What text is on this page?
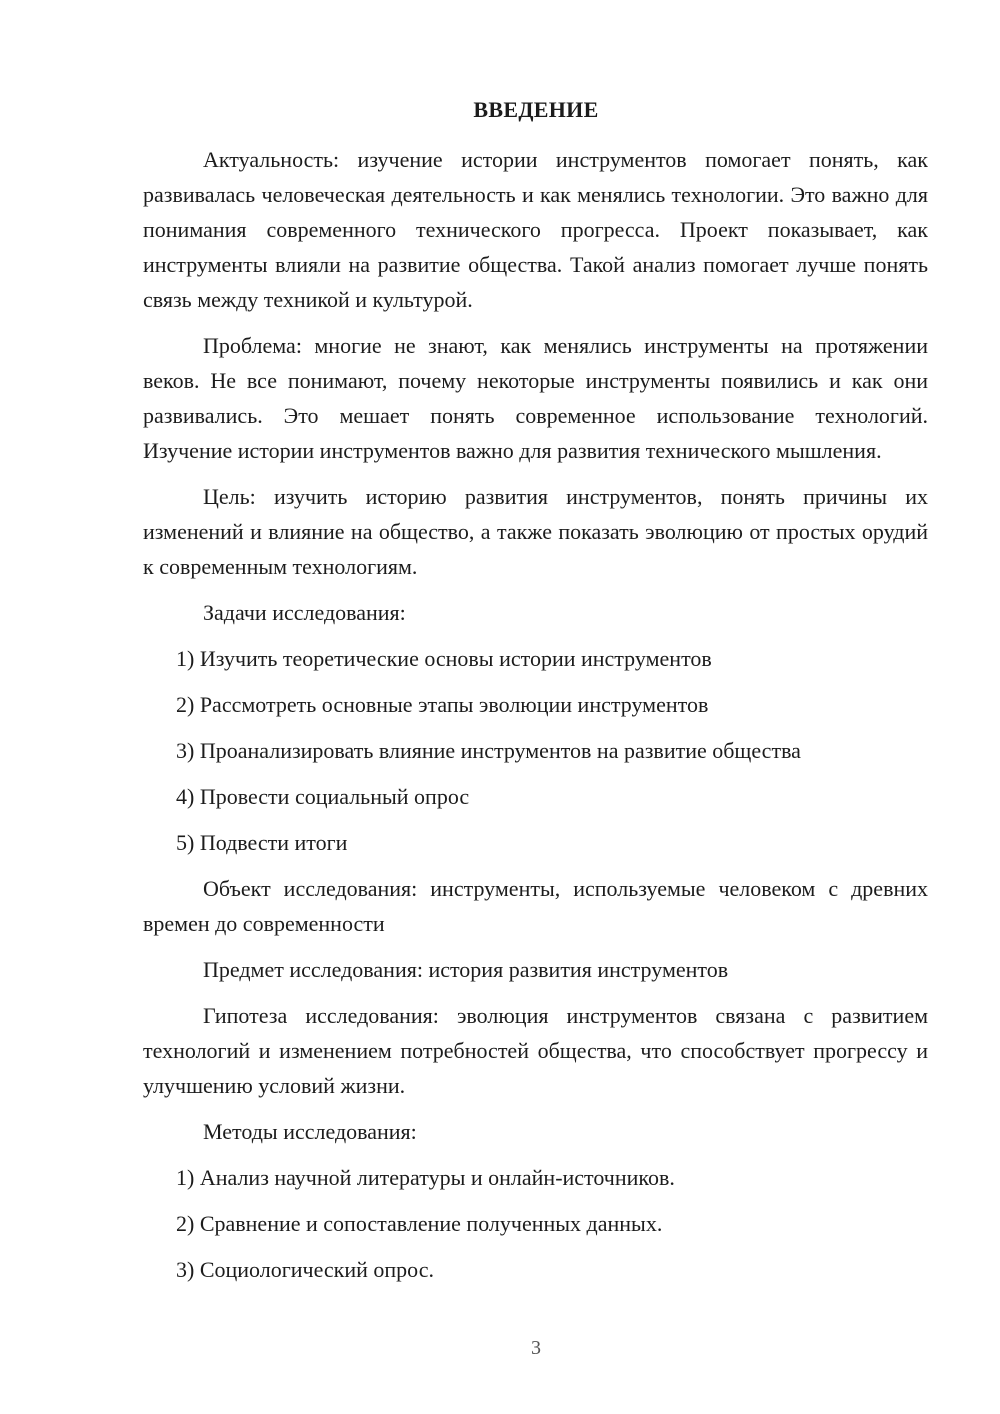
ВВЕДЕНИЕ

Актуальность: изучение истории инструментов помогает понять, как развивалась человеческая деятельность и как менялись технологии. Это важно для понимания современного технического прогресса. Проект показывает, как инструменты влияли на развитие общества. Такой анализ помогает лучше понять связь между техникой и культурой.

Проблема: многие не знают, как менялись инструменты на протяжении веков. Не все понимают, почему некоторые инструменты появились и как они развивались. Это мешает понять современное использование технологий. Изучение истории инструментов важно для развития технического мышления.

Цель: изучить историю развития инструментов, понять причины их изменений и влияние на общество, а также показать эволюцию от простых орудий к современным технологиям.

Задачи исследования:
1) Изучить теоретические основы истории инструментов
2) Рассмотреть основные этапы эволюции инструментов
3) Проанализировать влияние инструментов на развитие общества
4) Провести социальный опрос
5) Подвести итоги

Объект исследования: инструменты, используемые человеком с древних времен до современности

Предмет исследования: история развития инструментов

Гипотеза исследования: эволюция инструментов связана с развитием технологий и изменением потребностей общества, что способствует прогрессу и улучшению условий жизни.

Методы исследования:
1) Анализ научной литературы и онлайн-источников.
2) Сравнение и сопоставление полученных данных.
3) Социологический опрос.
3
